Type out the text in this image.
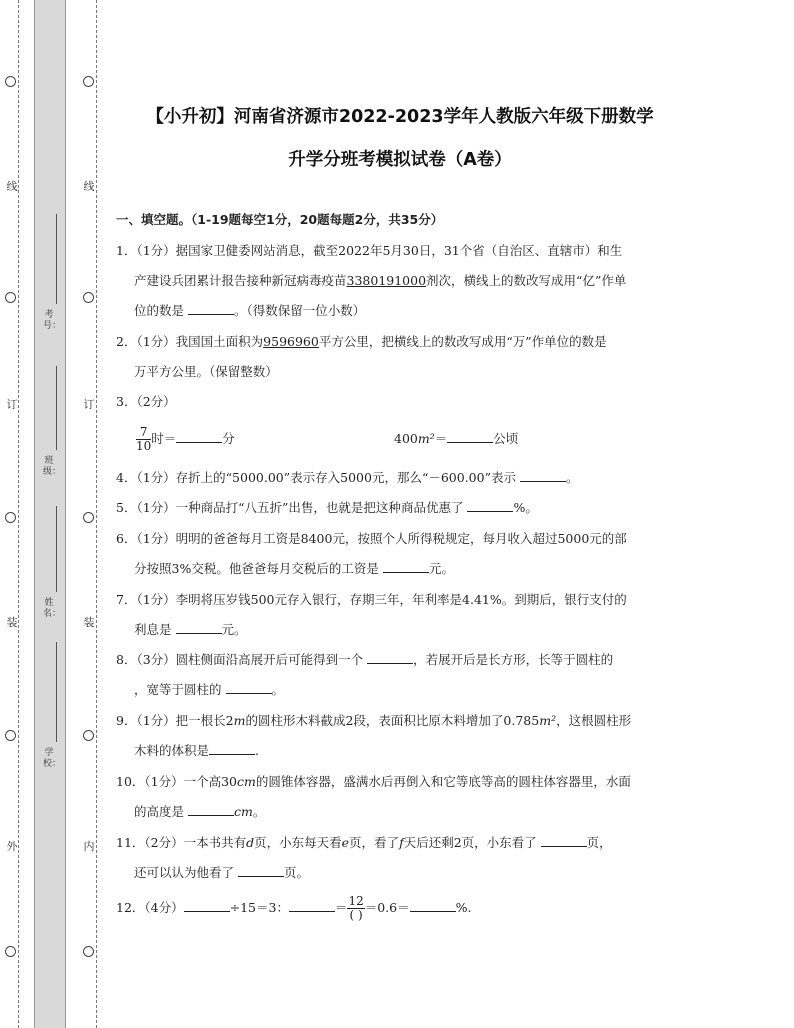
线
订
装
外
线
订
装
内
考号：
班级：
姓名：
学校：
【小升初】河南省济源市2022-2023学年人教版六年级下册数学
升学分班考模拟试卷（A卷）
一、填空题。（1-19题每空1分，20题每题2分，共35分）
1．（1分）据国家卫健委网站消息，截至2022年5月30日，31个省（自治区、直辖市）和生
产建设兵团累计报告接种新冠病毒疫苗3380191000剂次，横线上的数改写成用“亿”作单
位的数是	。（得数保留一位小数）
2．（1分）我国国土面积为9596960平方公里，把横线上的数改写成用“万”作单位的数是
万平方公里。（保留整数）
3．（2分）
$\frac{7}{10}$ 时＝	分	400m²＝	公顷
4．（1分）存折上的“5000.00”表示存入5000元，那么“－600.00”表示	。
5．（1分）一种商品打“八五折”出售，也就是把这种商品优惠了	%。
6．（1分）明明的爸爸每月工资是8400元，按照个人所得税规定，每月收入超过5000元的部
分按照3%交税。他爸爸每月交税后的工资是	元。
7．（1分）李明将压岁钱500元存入银行，存期三年，年利率是4.41%。到期后，银行支付的
利息是	元。
8．（3分）圆柱侧面沿高展开后可能得到一个	，若展开后是长方形，长等于圆柱的
，宽等于圆柱的	。
9．（1分）把一根长2m的圆柱形木料截成2段，表面积比原木料增加了0.785m²，这根圆柱形
木料的体积是	.
10．（1分）一个高30cm的圆锥体容器，盛满水后再倒入和它等底等高的圆柱体容器里，水面
的高度是	cm。
11．（2分）一本书共有d页，小东每天看e页，看了f天后还剩2页，小东看了	页，
还可以认为他看了	页。
12．（4分）	÷15＝3：	＝ $\frac{12}{( )} =0.6=$	%.
